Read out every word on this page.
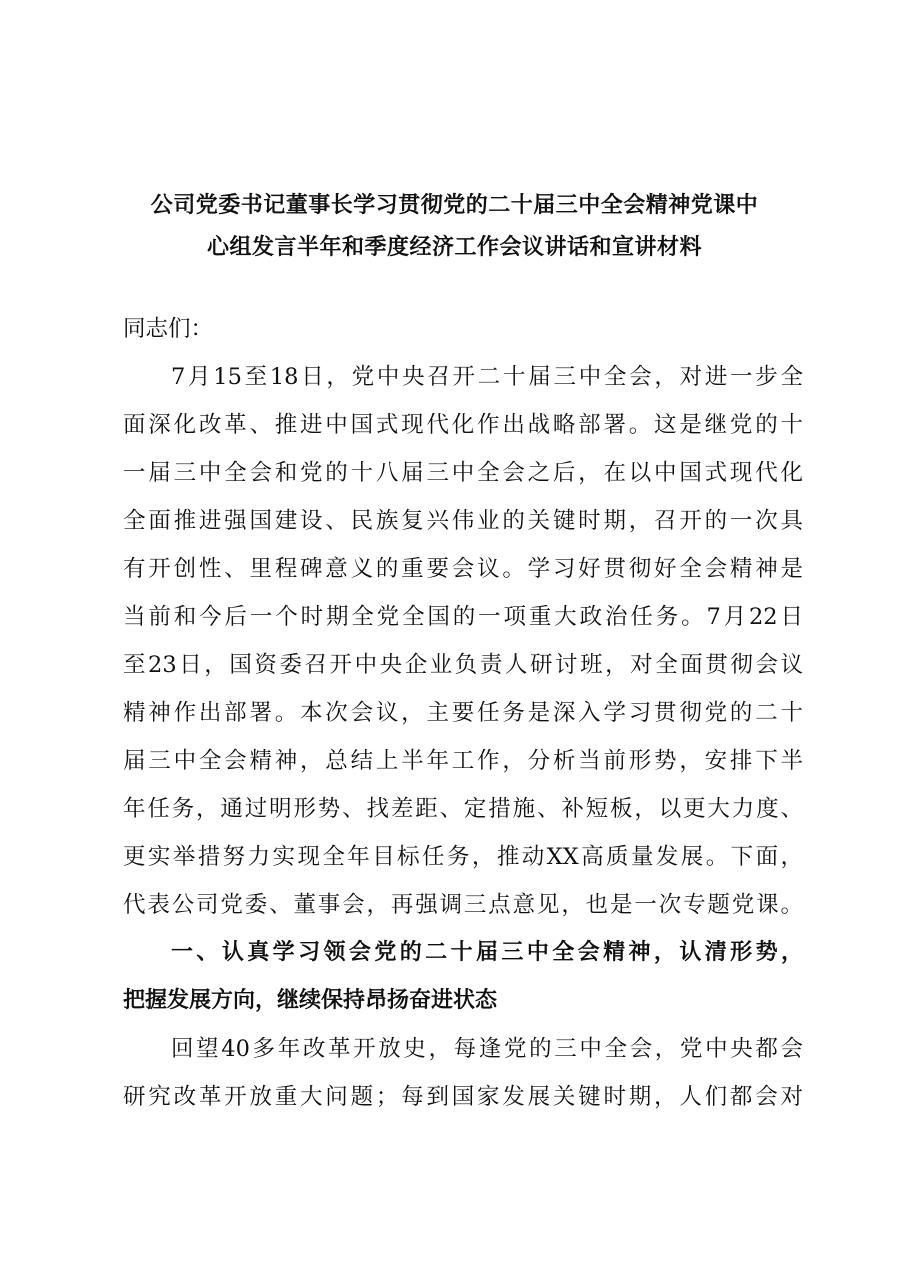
公司党委书记董事长学习贯彻党的二十届三中全会精神党课中
心组发言半年和季度经济工作会议讲话和宣讲材料
同志们：
7月15至18日，党中央召开二十届三中全会，对进一步全
面深化改革、推进中国式现代化作出战略部署。这是继党的十
一届三中全会和党的十八届三中全会之后，在以中国式现代化
全面推进强国建设、民族复兴伟业的关键时期，召开的一次具
有开创性、里程碑意义的重要会议。学习好贯彻好全会精神是
当前和今后一个时期全党全国的一项重大政治任务。7月22日
至23日，国资委召开中央企业负责人研讨班，对全面贯彻会议
精神作出部署。本次会议，主要任务是深入学习贯彻党的二十
届三中全会精神，总结上半年工作，分析当前形势，安排下半
年任务，通过明形势、找差距、定措施、补短板，以更大力度、
更实举措努力实现全年目标任务，推动XX高质量发展。下面，
代表公司党委、董事会，再强调三点意见，也是一次专题党课。
一、认真学习领会党的二十届三中全会精神，认清形势，
把握发展方向，继续保持昂扬奋进状态
回望40多年改革开放史，每逢党的三中全会，党中央都会
研究改革开放重大问题；每到国家发展关键时期，人们都会对
